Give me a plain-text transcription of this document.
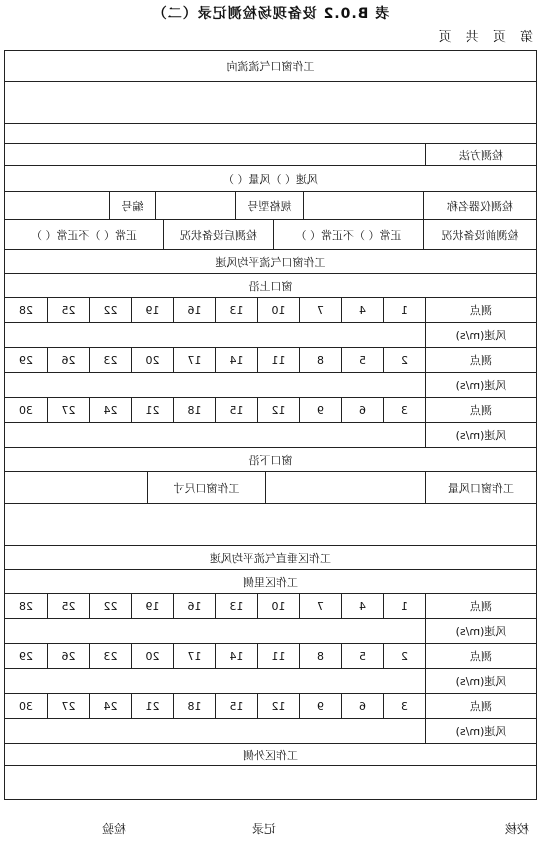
表 B.0.2 设备现场检测记录（二）
第 页 共 页
工作窗口气流流向
检测方法
风速（ ）风量（ ）
检测仪器名称
规格型号
编号
检测前设备状况
正常（ ）不正常（ ）
检测后设备状况
正常（ ）不正常（ ）
工作窗口气流平均风速
窗口上沿
测点
1
4
7
10
13
16
19
22
25
28
风速(m/s)
测点
2
5
8
11
14
17
20
23
26
29
风速(m/s)
测点
3
6
9
12
15
18
21
24
27
30
风速(m/s)
窗口下沿
工作窗口风量
工作窗口尺寸
工作区垂直气流平均风速
工作区里侧
测点
1
4
7
10
13
16
19
22
25
28
风速(m/s)
测点
2
5
8
11
14
17
20
23
26
29
风速(m/s)
测点
3
6
9
12
15
18
21
24
27
30
风速(m/s)
工作区外侧
校核
记录
检验
